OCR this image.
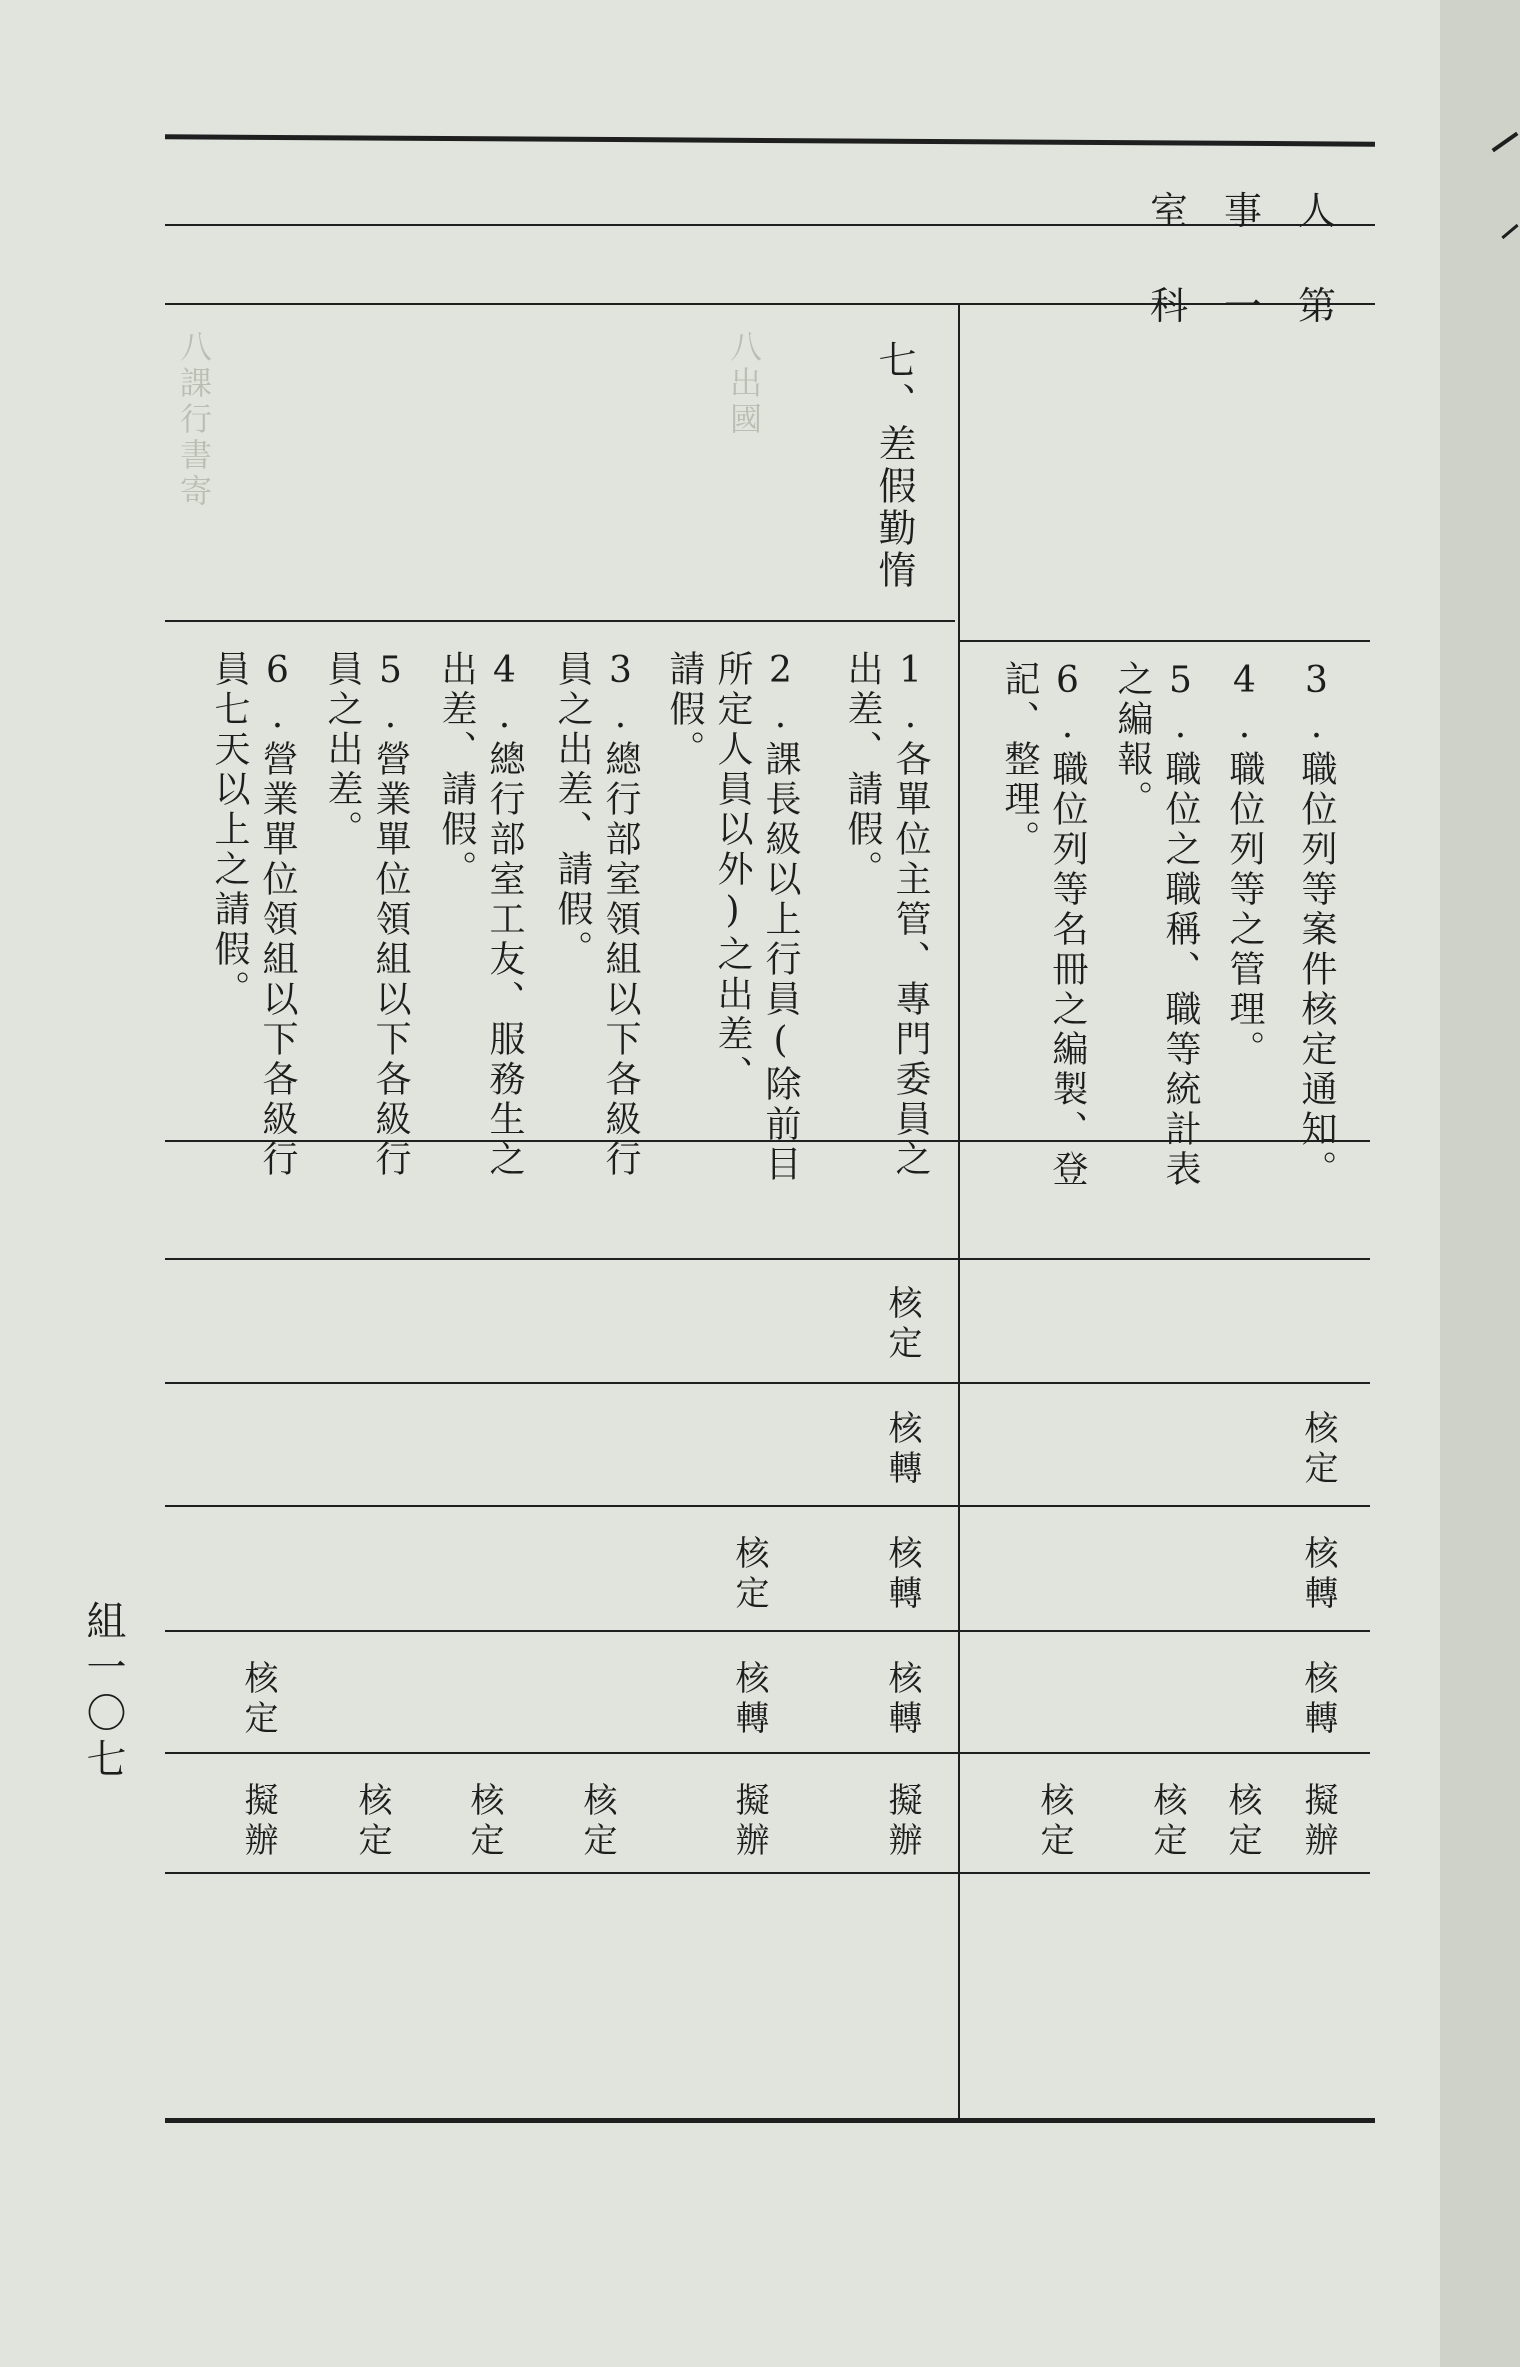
八課行書寄	八出國
室事人
科一第
七、差假勤惰
3.職位列等案件核定通知。
4.職位列等之管理。
5.職位之職稱、職等統計表
之編報。
6.職位列等名冊之編製、登
記、整理。
1.各單位主管、專門委員之
出差、請假。
2.課長級以上行員(除前目
所定人員以外)之出差、
請假。
3.總行部室領組以下各級行
員之出差、請假。
4.總行部室工友、服務生之
出差、請假。
5.營業單位領組以下各級行
員之出差。
6.營業單位領組以下各級行
員七天以上之請假。
核定
核轉
核轉
擬辦
核定
核定
核定
核定
核轉
核轉
核轉
擬辦
核定
核轉
擬辦
核定
核定
核定
核定
擬辦
組一〇七
